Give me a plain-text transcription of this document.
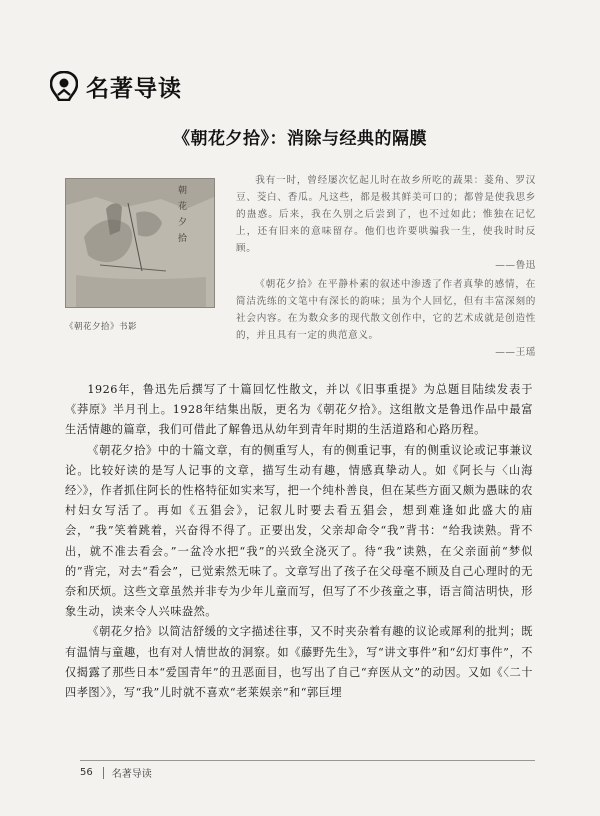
名著导读
《朝花夕拾》：消除与经典的隔膜
朝
花
夕
拾
《朝花夕拾》书影

我有一时，曾经屡次忆起儿时在故乡所吃的蔬果：菱角、罗汉豆、茭白、香瓜。凡这些，都是极其鲜美可口的；都曾是使我思乡的蛊惑。后来，我在久别之后尝到了，也不过如此；惟独在记忆上，还有旧来的意味留存。他们也许要哄骗我一生，使我时时反顾。

——鲁迅

《朝花夕拾》在平静朴素的叙述中渗透了作者真挚的感情，在简洁洗练的文笔中有深长的韵味；虽为个人回忆，但有丰富深刻的社会内容。在为数众多的现代散文创作中，它的艺术成就是创造性的，并且具有一定的典范意义。

——王瑶

1926年，鲁迅先后撰写了十篇回忆性散文，并以《旧事重提》为总题目陆续发表于《莽原》半月刊上。1928年结集出版，更名为《朝花夕拾》。这组散文是鲁迅作品中最富生活情趣的篇章，我们可借此了解鲁迅从幼年到青年时期的生活道路和心路历程。

《朝花夕拾》中的十篇文章，有的侧重写人，有的侧重记事，有的侧重议论或记事兼议论。比较好读的是写人记事的文章，描写生动有趣，情感真挚动人。如《阿长与〈山海经〉》，作者抓住阿长的性格特征如实来写，把一个纯朴善良，但在某些方面又颇为愚昧的农村妇女写活了。再如《五猖会》，记叙儿时要去看五猖会，想到难逢如此盛大的庙会，“我”笑着跳着，兴奋得不得了。正要出发，父亲却命令“我”背书：“给我读熟。背不出，就不准去看会。”一盆冷水把“我”的兴致全浇灭了。待“我”读熟，在父亲面前“梦似的”背完，对去“看会”，已觉索然无味了。文章写出了孩子在父母毫不顾及自己心理时的无奈和厌烦。这些文章虽然并非专为少年儿童而写，但写了不少孩童之事，语言简洁明快，形象生动，读来令人兴味盎然。

《朝花夕拾》以简洁舒缓的文字描述往事，又不时夹杂着有趣的议论或犀利的批判；既有温情与童趣，也有对人情世故的洞察。如《藤野先生》，写“讲文事件”和“幻灯事件”，不仅揭露了那些日本“爱国青年”的丑恶面目，也写出了自己“弃医从文”的动因。又如《〈二十四孝图〉》，写“我”儿时就不喜欢“老莱娱亲”和“郭巨埋

56 名著导读
